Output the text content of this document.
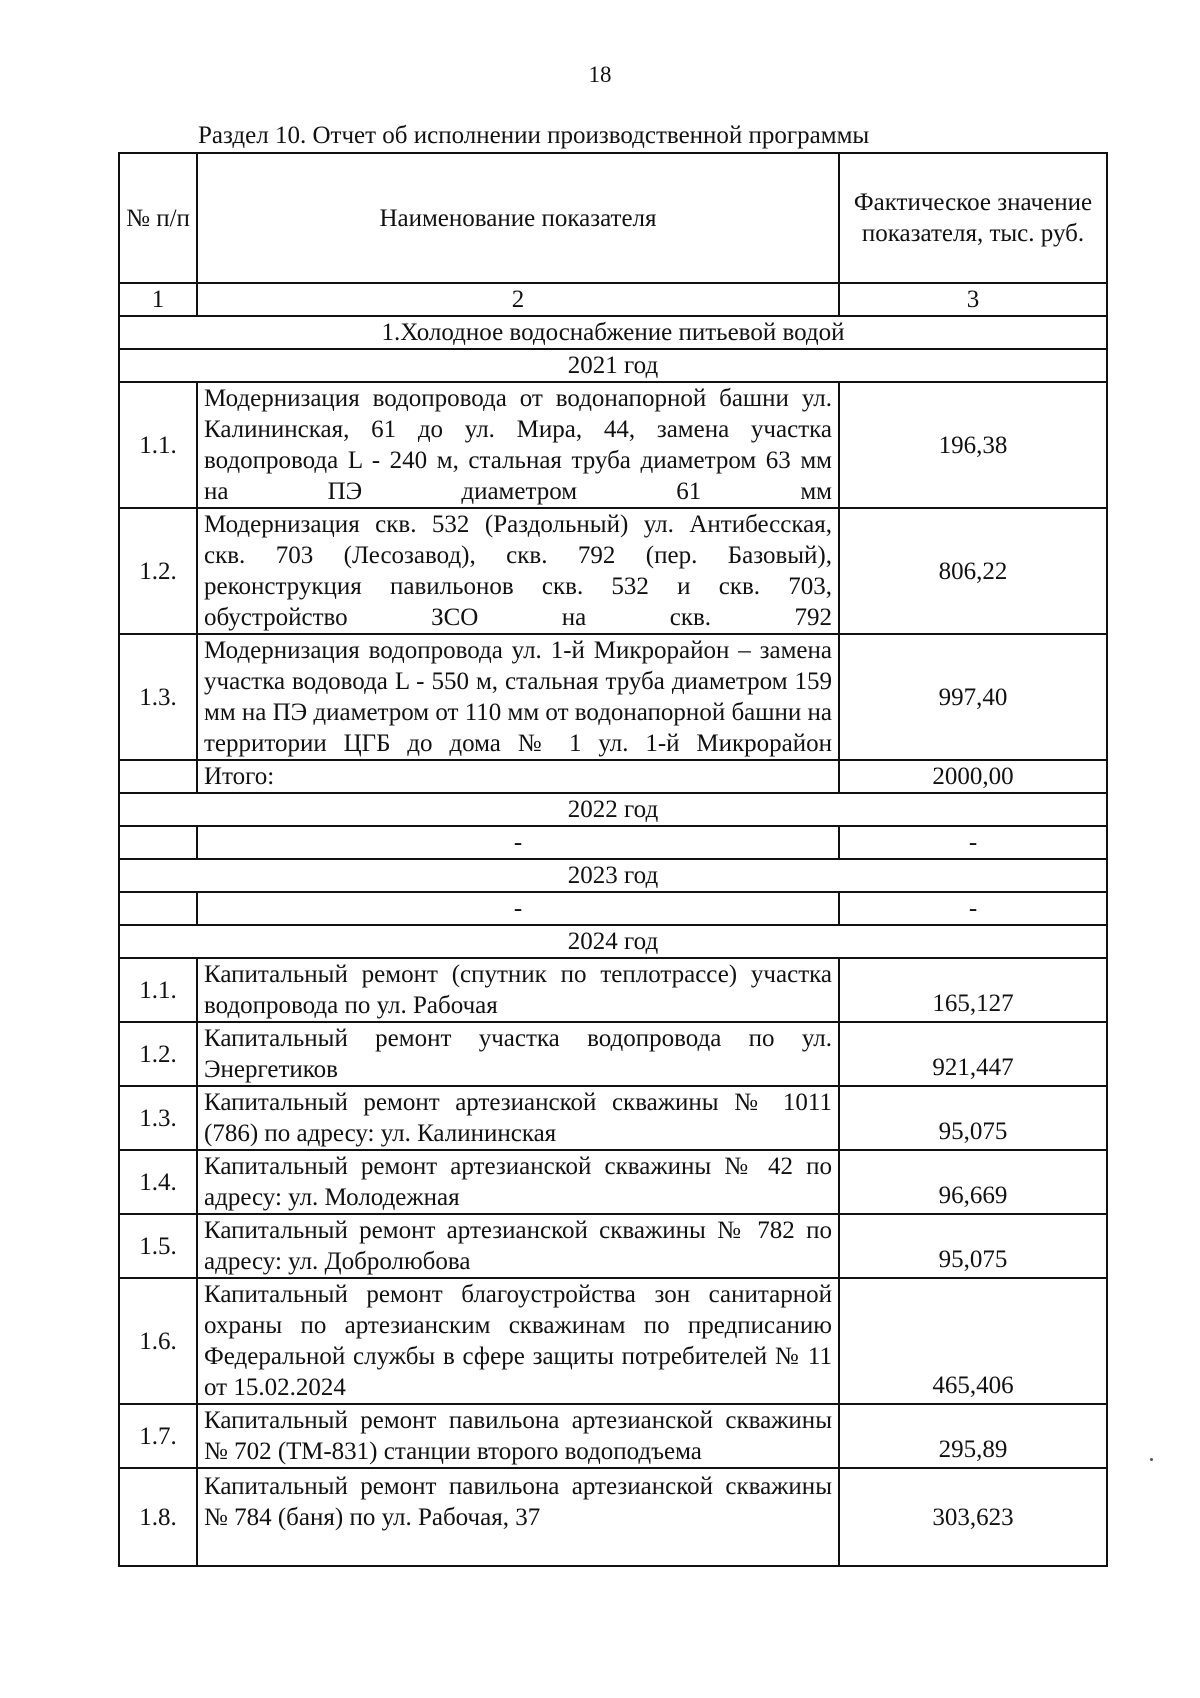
18
Раздел 10. Отчет об исполнении производственной программы
№ п/п	Наименование показателя	Фактическое значение показателя, тыс. руб.
1	2	3
1.Холодное водоснабжение питьевой водой		
2021 год		
1.1.	Модернизация водопровода от водонапорной башни ул. Калининская, 61 до ул. Мира, 44, замена участка водопровода L - 240 м, стальная труба диаметром 63 мм на ПЭ диаметром 61 мм	196,38
1.2.	Модернизация скв. 532 (Раздольный) ул. Антибесская, скв. 703 (Лесозавод), скв. 792 (пер. Базовый), реконструкция павильонов скв. 532 и скв. 703, обустройство ЗСО на скв. 792	806,22
1.3.	Модернизация водопровода ул. 1-й Микрорайон – замена участка водовода L - 550 м, стальная труба диаметром 159 мм на ПЭ диаметром от 110 мм от водонапорной башни на территории ЦГБ до дома № 1 ул. 1-й Микрорайон	997,40
	Итого:	2000,00
2022 год		
	-	-
2023 год		
	-	-
2024 год		
1.1.	Капитальный ремонт (спутник по теплотрассе) участка водопровода по ул. Рабочая	165,127
1.2.	Капитальный ремонт участка водопровода по ул. Энергетиков	921,447
1.3.	Капитальный ремонт артезианской скважины № 1011 (786) по адресу: ул. Калининская	95,075
1.4.	Капитальный ремонт артезианской скважины № 42 по адресу: ул. Молодежная	96,669
1.5.	Капитальный ремонт артезианской скважины № 782 по адресу: ул. Добролюбова	95,075
1.6.	Капитальный ремонт благоустройства зон санитарной охраны по артезианским скважинам по предписанию Федеральной службы в сфере защиты потребителей № 11 от 15.02.2024	465,406
1.7.	Капитальный ремонт павильона артезианской скважины № 702 (ТМ-831) станции второго водоподъема	295,89
1.8.	Капитальный ремонт павильона артезианской скважины № 784 (баня) по ул. Рабочая, 37	303,623
